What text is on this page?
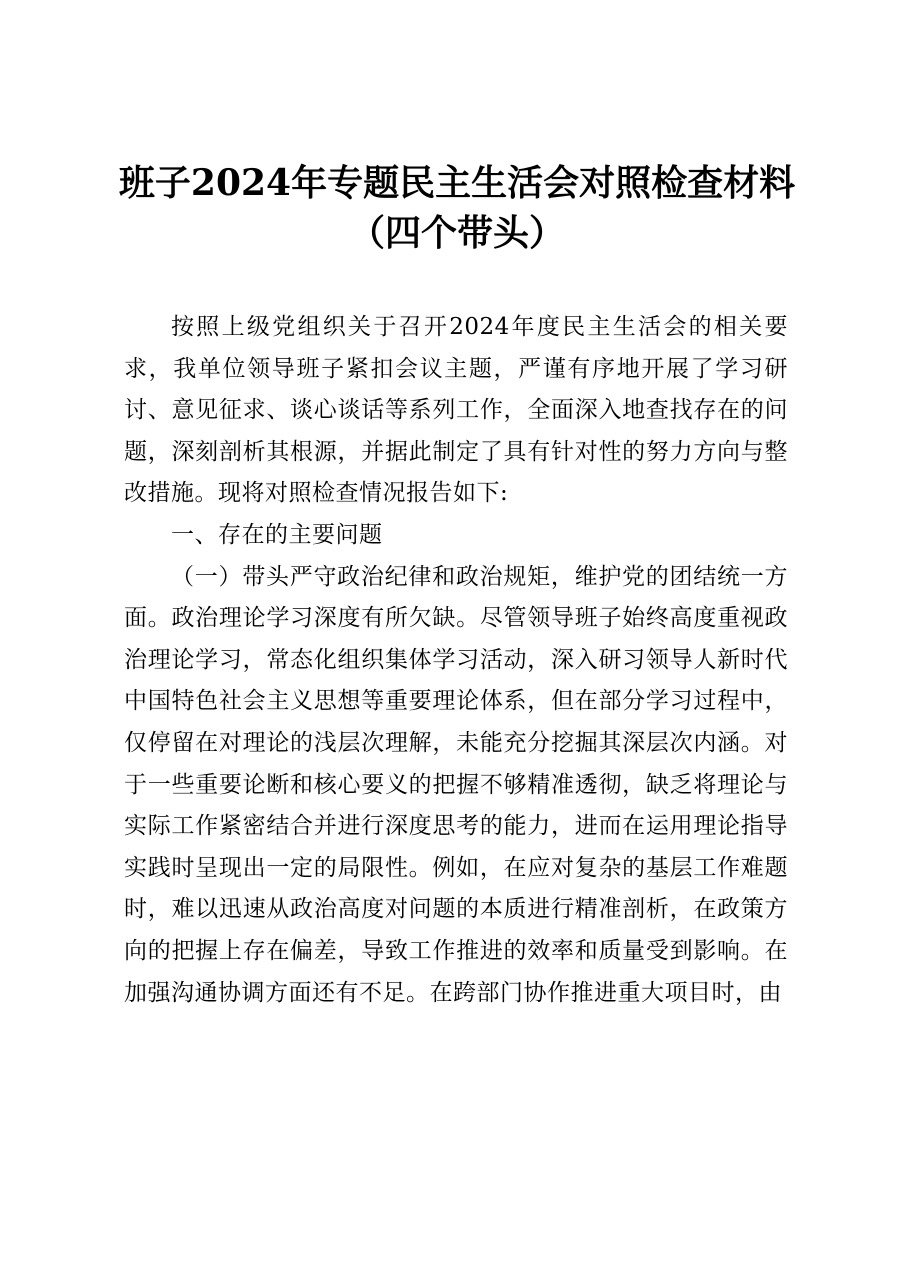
班子2024年专题民主生活会对照检查材料（四个带头）

按照上级党组织关于召开2024年度民主生活会的相关要求，我单位领导班子紧扣会议主题，严谨有序地开展了学习研讨、意见征求、谈心谈话等系列工作，全面深入地查找存在的问题，深刻剖析其根源，并据此制定了具有针对性的努力方向与整改措施。现将对照检查情况报告如下:

一、存在的主要问题

（一）带头严守政治纪律和政治规矩，维护党的团结统一方面。政治理论学习深度有所欠缺。尽管领导班子始终高度重视政治理论学习，常态化组织集体学习活动，深入研习领导人新时代中国特色社会主义思想等重要理论体系，但在部分学习过程中，仅停留在对理论的浅层次理解，未能充分挖掘其深层次内涵。对于一些重要论断和核心要义的把握不够精准透彻，缺乏将理论与实际工作紧密结合并进行深度思考的能力，进而在运用理论指导实践时呈现出一定的局限性。例如，在应对复杂的基层工作难题时，难以迅速从政治高度对问题的本质进行精准剖析，在政策方向的把握上存在偏差，导致工作推进的效率和质量受到影响。在加强沟通协调方面还有不足。在跨部门协作推进重大项目时，由
